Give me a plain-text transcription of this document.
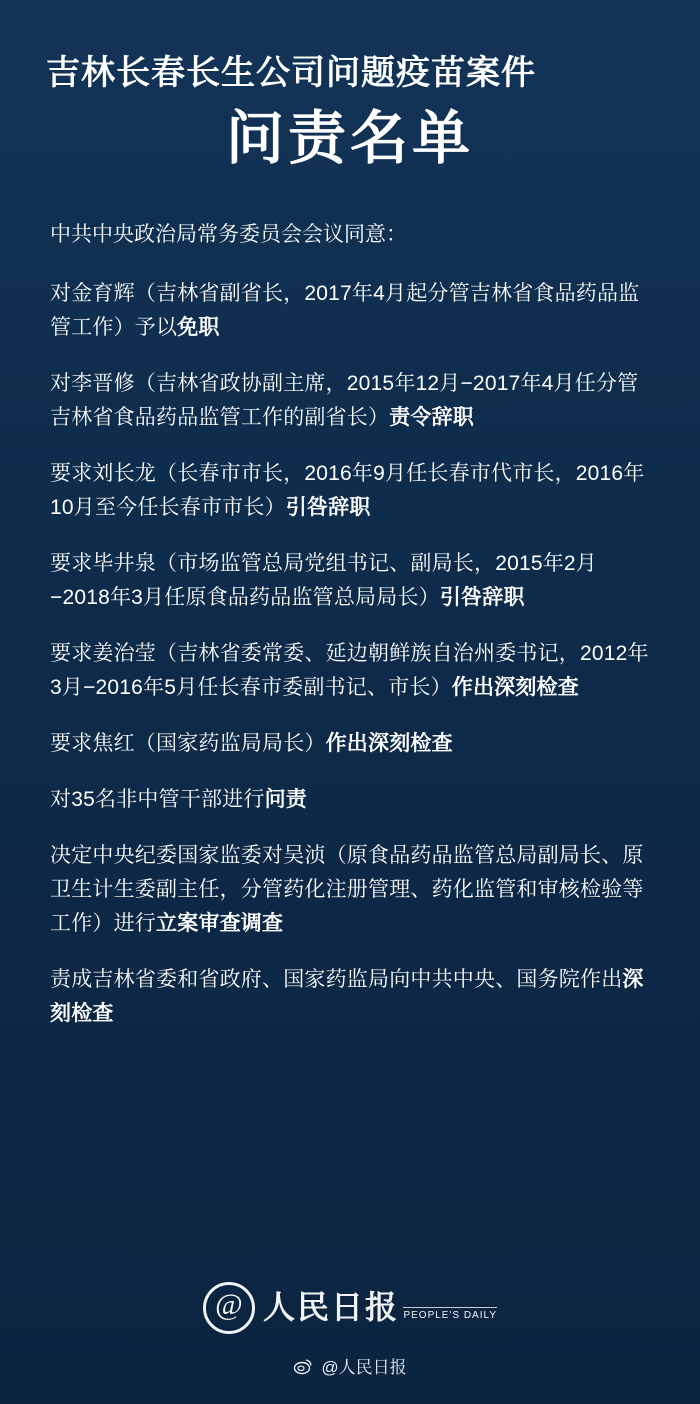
吉林长春长生公司问题疫苗案件
问责名单
中共中央政治局常务委员会会议同意：
对金育辉（吉林省副省长，2017年4月起分管吉林省食品药品监管工作）予以免职
对李晋修（吉林省政协副主席，2015年12月−2017年4月任分管吉林省食品药品监管工作的副省长）责令辞职
要求刘长龙（长春市市长，2016年9月任长春市代市长，2016年10月至今任长春市市长）引咎辞职
要求毕井泉（市场监管总局党组书记、副局长，2015年2月−2018年3月任原食品药品监管总局局长）引咎辞职
要求姜治莹（吉林省委常委、延边朝鲜族自治州委书记，2012年3月−2016年5月任长春市委副书记、市长）作出深刻检查
要求焦红（国家药监局局长）作出深刻检查
对35名非中管干部进行问责
决定中央纪委国家监委对吴浈（原食品药品监管总局副局长、原卫生计生委副主任，分管药化注册管理、药化监管和审核检验等工作）进行立案审查调查
责成吉林省委和省政府、国家药监局向中共中央、国务院作出深刻检查
@
人民日报 PEOPLE'S DAILY
@人民日报
